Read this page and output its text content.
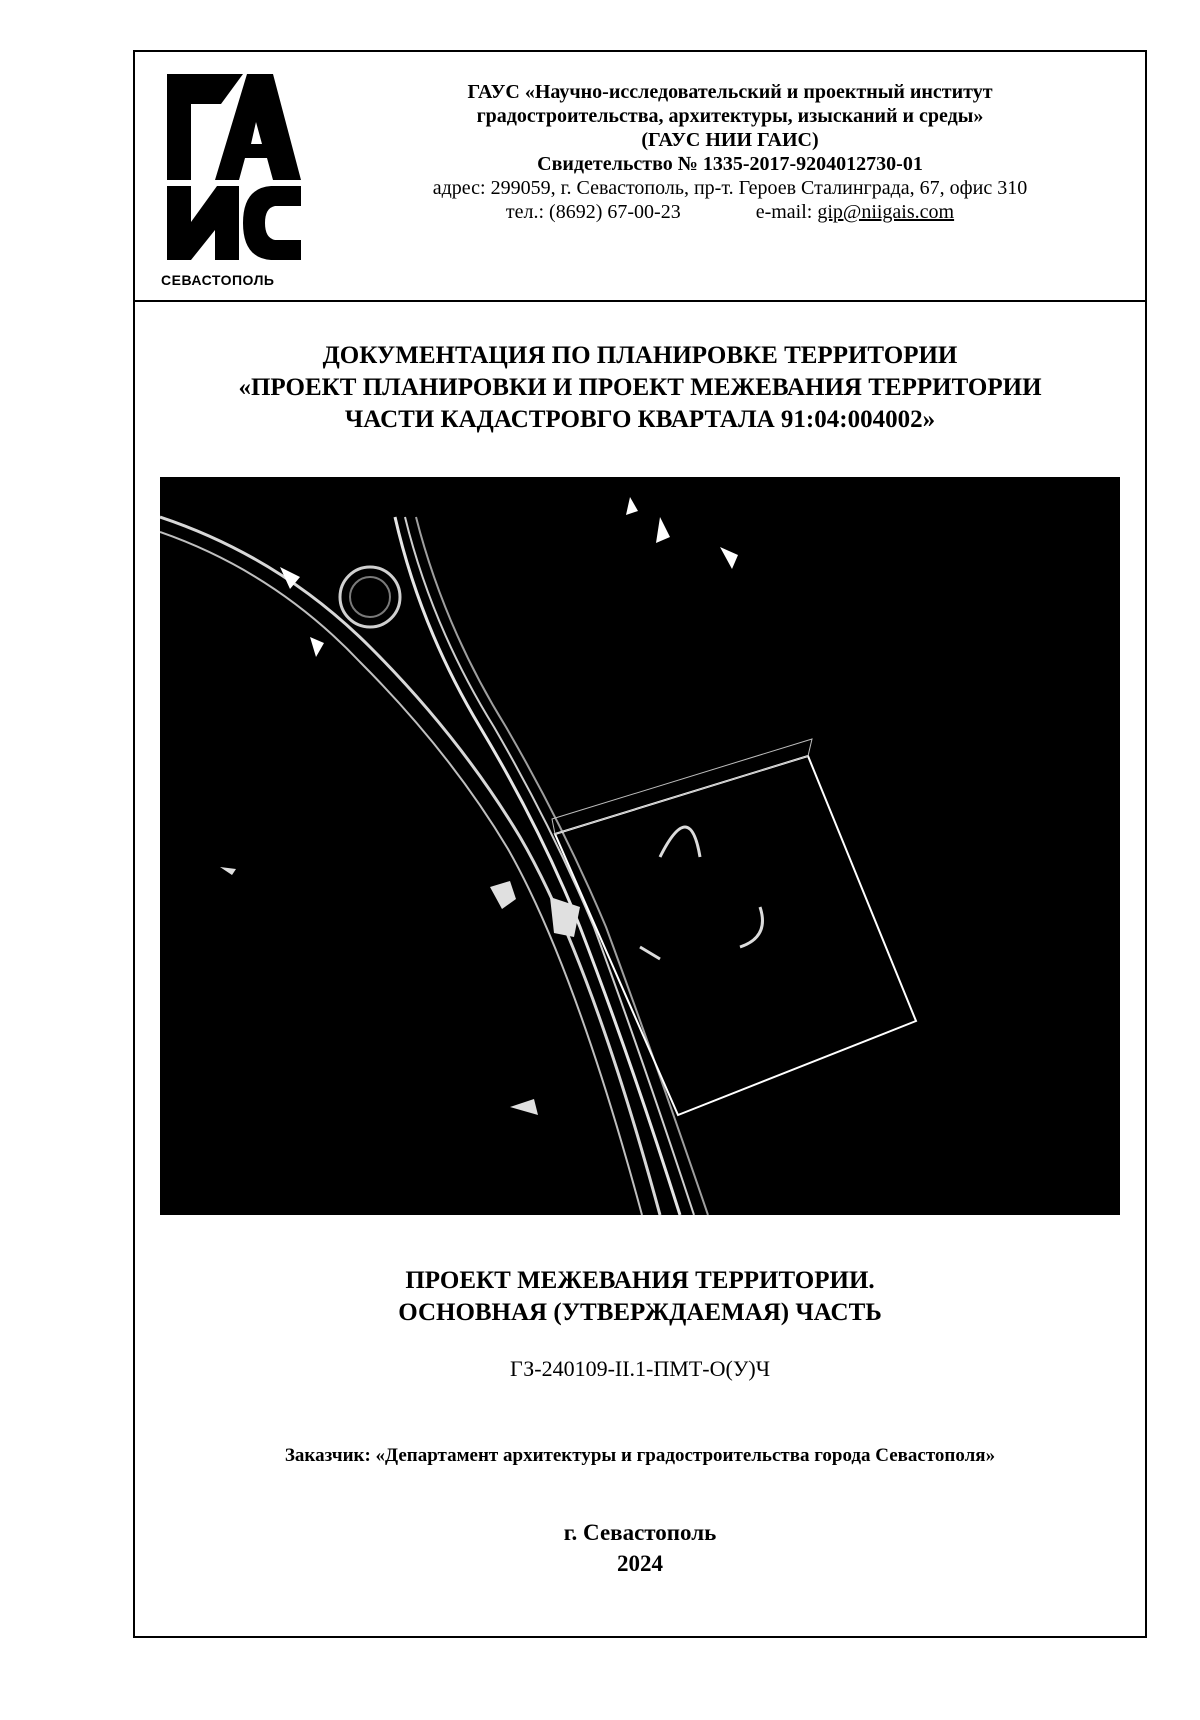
СЕВАСТОПОЛЬ
ГАУС «Научно-исследовательский и проектный институт
градостроительства, архитектуры, изысканий и среды»
(ГАУС НИИ ГАИС)
Свидетельство № 1335-2017-9204012730-01
адрес: 299059, г. Севастополь, пр-т. Героев Сталинграда, 67, офис 310
тел.: (8692) 67-00-23	e-mail: gip@niigais.com
ДОКУМЕНТАЦИЯ ПО ПЛАНИРОВКЕ ТЕРРИТОРИИ
«ПРОЕКТ ПЛАНИРОВКИ И ПРОЕКТ МЕЖЕВАНИЯ ТЕРРИТОРИИ
ЧАСТИ КАДАСТРОВГО КВАРТАЛА 91:04:004002»
ПРОЕКТ МЕЖЕВАНИЯ ТЕРРИТОРИИ.
ОСНОВНАЯ (УТВЕРЖДАЕМАЯ) ЧАСТЬ
ГЗ-240109-II.1-ПМТ-О(У)Ч
Заказчик: «Департамент архитектуры и градостроительства города Севастополя»
г. Севастополь
2024
